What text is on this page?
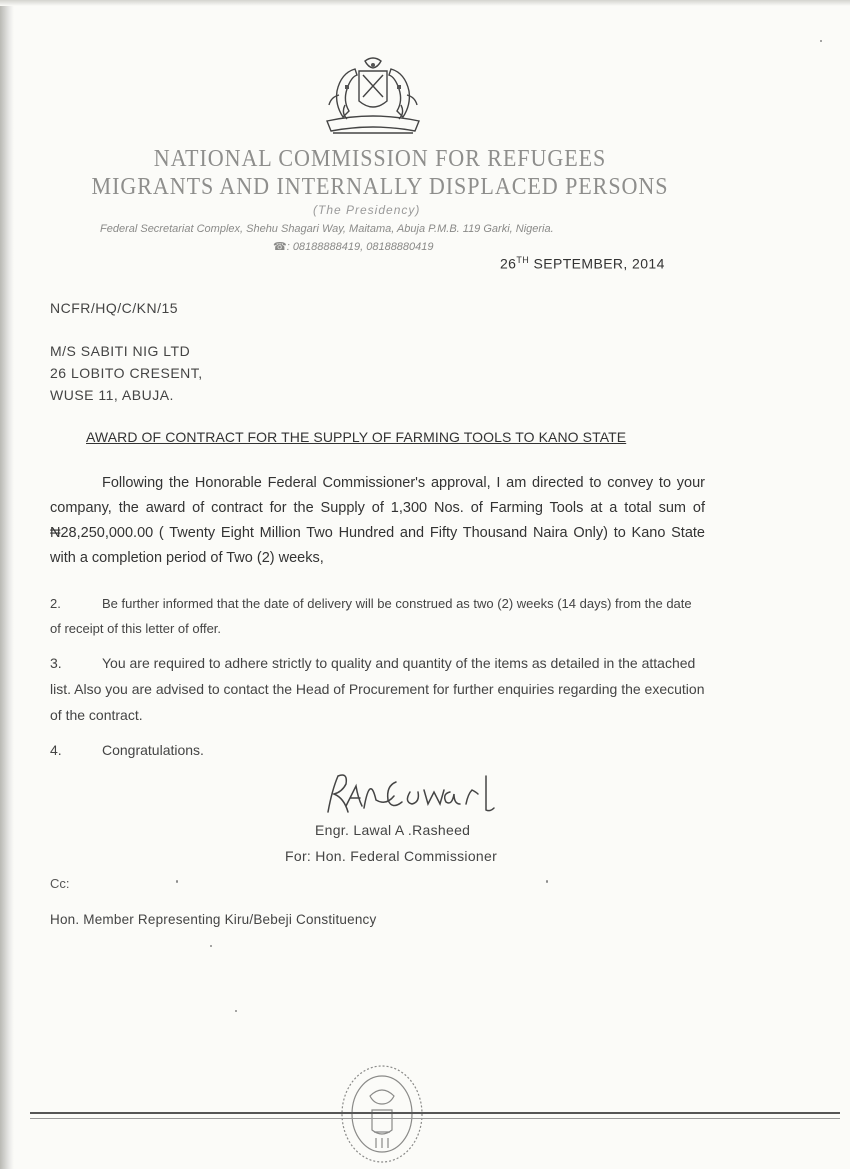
NATIONAL COMMISSION FOR REFUGEES
MIGRANTS AND INTERNALLY DISPLACED PERSONS
(The Presidency)
Federal Secretariat Complex, Shehu Shagari Way, Maitama, Abuja P.M.B. 119 Garki, Nigeria.
☎: 08188888419, 08188880419
26TH SEPTEMBER, 2014
NCFR/HQ/C/KN/15
M/S SABITI NIG LTD
26 LOBITO CRESENT,
WUSE 11, ABUJA.
AWARD OF CONTRACT FOR THE SUPPLY OF FARMING TOOLS TO KANO STATE

Following the Honorable Federal Commissioner's approval, I am directed to convey to your company, the award of contract for the Supply of 1,300 Nos. of Farming Tools at a total sum of ₦28,250,000.00 ( Twenty Eight Million Two Hundred and Fifty Thousand Naira Only) to Kano State with a completion period of Two (2) weeks,

2.	Be further informed that the date of delivery will be construed as two (2) weeks (14 days) from the date of receipt of this letter of offer.
3.	You are required to adhere strictly to quality and quantity of the items as detailed in the attached list. Also you are advised to contact the Head of Procurement for further enquiries regarding the execution of the contract.
4.	Congratulations.
Engr. Lawal A .Rasheed
For: Hon. Federal Commissioner
Cc:
Hon. Member Representing Kiru/Bebeji Constituency
